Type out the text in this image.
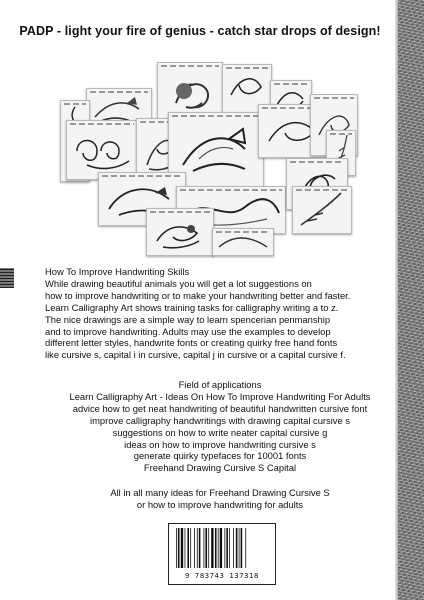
PADP - light your fire of genius - catch star drops of design!

How To Improve Handwriting Skills

While drawing beautiful animals you will get a lot suggestions on

how to improve handwriting or to make your handwriting better and faster.

Learn Calligraphy Art shows training tasks for calligraphy writing a to z.

The nice drawings are a simple way to learn spencerian penmanship

and to improve handwriting. Adults may use the examples to develop

different letter styles, handwrite fonts or creating quirky free hand fonts

like cursive s, capital i in cursive, capital j in cursive or a capital cursive f.

Field of applications

Learn Calligraphy Art - Ideas On How To Improve Handwriting For Adults

advice how to get neat handwriting of beautiful handwritten cursive font

improve calligraphy handwritings with drawing capital cursive s

suggestions on how to write neater capital cursive g

ideas on how to improve handwriting cursive s

generate quirky typefaces for 10001 fonts

Freehand Drawing Cursive S Capital

All in all many ideas for Freehand Drawing Cursive S

or how to improve handwriting for adults

9 783743 137318
